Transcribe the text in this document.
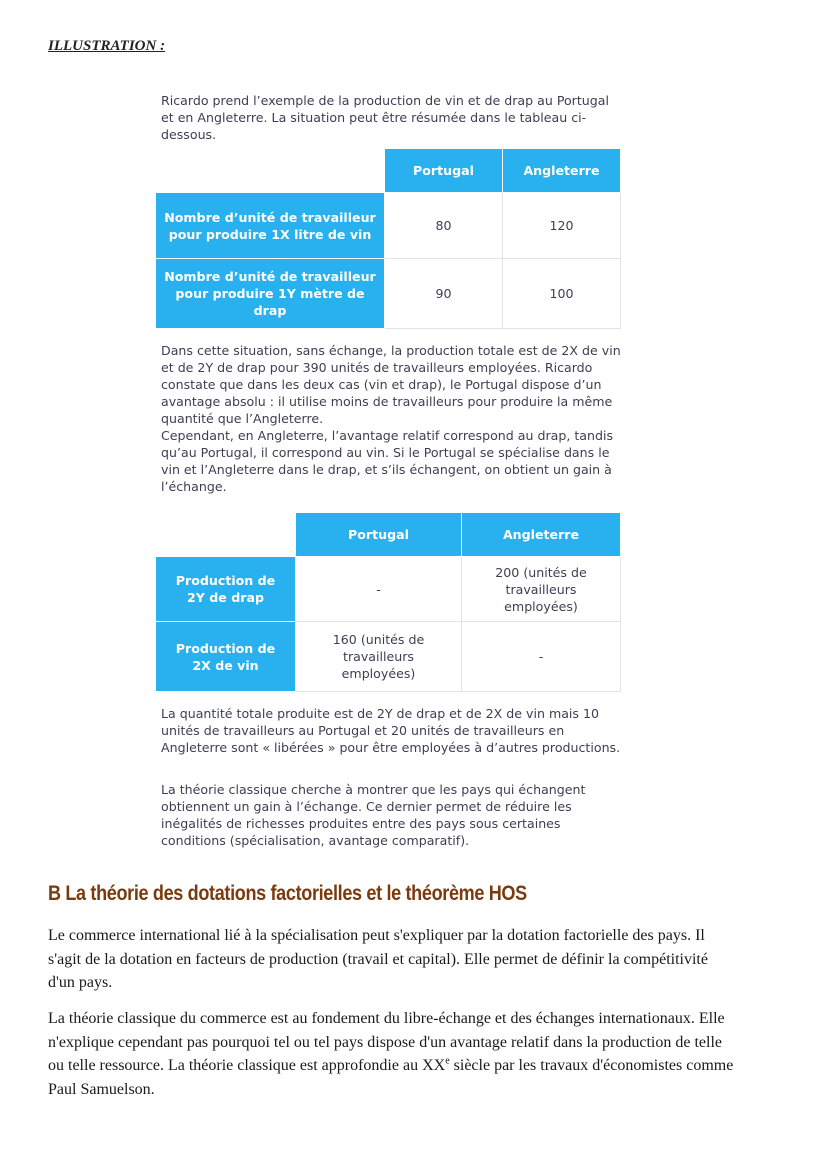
ILLUSTRATION :

Ricardo prend l’exemple de la production de vin et de drap au Portugal et en Angleterre. La situation peut être résumée dans le tableau ci-dessous.

	Portugal	Angleterre
Nombre d’unité de travailleur pour produire 1X litre de vin	80	120
Nombre d’unité de travailleur pour produire 1Y mètre de drap	90	100

Dans cette situation, sans échange, la production totale est de 2X de vin et de 2Y de drap pour 390 unités de travailleurs employées. Ricardo constate que dans les deux cas (vin et drap), le Portugal dispose d’un avantage absolu : il utilise moins de travailleurs pour produire la même quantité que l’Angleterre.

Cependant, en Angleterre, l’avantage relatif correspond au drap, tandis qu’au Portugal, il correspond au vin. Si le Portugal se spécialise dans le vin et l’Angleterre dans le drap, et s’ils échangent, on obtient un gain à l’échange.

	Portugal	Angleterre
Production de 2Y de drap	-	200 (unités de travailleurs employées)
Production de 2X de vin	160 (unités de travailleurs employées)	-

La quantité totale produite est de 2Y de drap et de 2X de vin mais 10 unités de travailleurs au Portugal et 20 unités de travailleurs en Angleterre sont « libérées » pour être employées à d’autres productions.

La théorie classique cherche à montrer que les pays qui échangent obtiennent un gain à l’échange. Ce dernier permet de réduire les inégalités de richesses produites entre des pays sous certaines conditions (spécialisation, avantage comparatif).

B La théorie des dotations factorielles et le théorème HOS

Le commerce international lié à la spécialisation peut s'expliquer par la dotation factorielle des pays. Il s'agit de la dotation en facteurs de production (travail et capital). Elle permet de définir la compétitivité d'un pays.

La théorie classique du commerce est au fondement du libre-échange et des échanges internationaux. Elle n'explique cependant pas pourquoi tel ou tel pays dispose d'un avantage relatif dans la production de telle ou telle ressource. La théorie classique est approfondie au XXe siècle par les travaux d'économistes comme Paul Samuelson.
